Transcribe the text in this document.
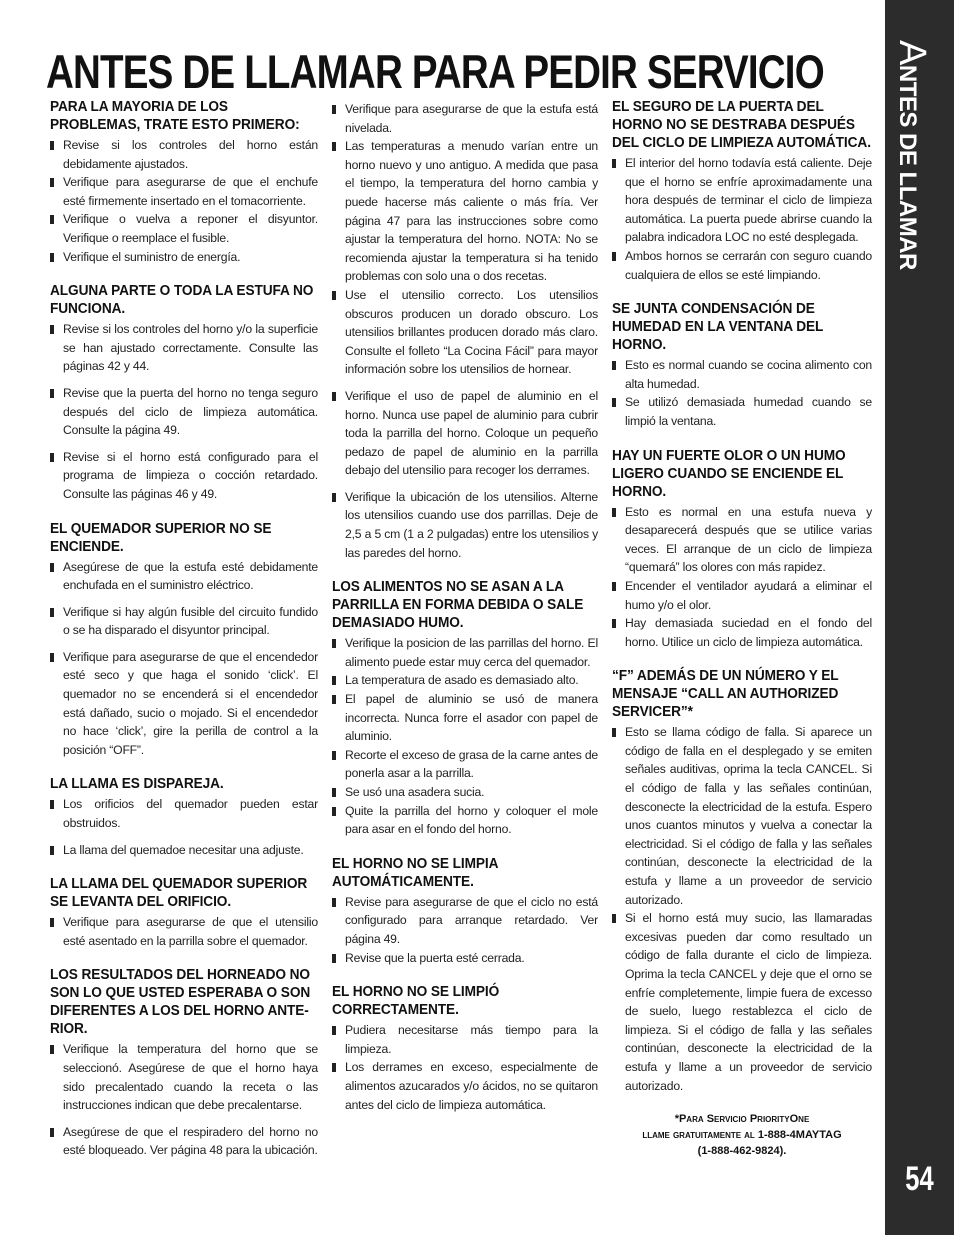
ANTES DE LLAMAR PARA PEDIR SERVICIO
PARA LA MAYORIA DE LOS PROBLEMAS, TRATE ESTO PRIMERO:
Revise si los controles del horno están debidamente ajustados.
Verifique para asegurarse de que el enchufe esté firmemente insertado en el tomacorriente.
Verifique o vuelva a reponer el disyuntor. Verifique o reemplace el fusible.
Verifique el suministro de energía.
ALGUNA PARTE O TODA LA ESTUFA NO FUNCIONA.
Revise si los controles del horno y/o la superficie se han ajustado correctamente. Consulte las páginas 42 y 44.
Revise que la puerta del horno no tenga seguro después del ciclo de limpieza automática. Consulte la página 49.
Revise si el horno está configurado para el programa de limpieza o cocción retardado. Consulte las páginas 46 y 49.
EL QUEMADOR SUPERIOR NO SE ENCIENDE.
Asegúrese de que la estufa esté debidamente enchufada en el suministro eléctrico.
Verifique si hay algún fusible del circuito fundido o se ha disparado el disyuntor principal.
Verifique para asegurarse de que el encendedor esté seco y que haga el sonido ‘click’. El quemador no se encenderá si el encendedor está dañado, sucio o mojado. Si el encendedor no hace ‘click’, gire la perilla de control a la posición “OFF”.
LA LLAMA ES DISPAREJA.
Los orificios del quemador pueden estar obstruidos.
La llama del quemadoe necesitar una adjuste.
LA LLAMA DEL QUEMADOR SUPERIOR SE LEVANTA DEL ORIFICIO.
Verifique para asegurarse de que el utensilio esté asentado en la parrilla sobre el quemador.
LOS RESULTADOS DEL HORNEADO NO SON LO QUE USTED ESPERABA O SON DIFERENTES A LOS DEL HORNO ANTE-RIOR.
Verifique la temperatura del horno que se seleccionó. Asegúrese de que el horno haya sido precalentado cuando la receta o las instrucciones indican que debe precalentarse.
Asegúrese de que el respiradero del horno no esté bloqueado. Ver página 48 para la ubicación.
Verifique para asegurarse de que la estufa está nivelada.
Las temperaturas a menudo varían entre un horno nuevo y uno antiguo. A medida que pasa el tiempo, la temperatura del horno cambia y puede hacerse más caliente o más fría. Ver página 47 para las instrucciones sobre como ajustar la temperatura del horno. NOTA: No se recomienda ajustar la temperatura si ha tenido problemas con solo una o dos recetas.
Use el utensilio correcto. Los utensilios obscuros producen un dorado obscuro. Los utensilios brillantes producen dorado más claro. Consulte el folleto “La Cocina Fácil” para mayor información sobre los utensilios de hornear.
Verifique el uso de papel de aluminio en el horno. Nunca use papel de aluminio para cubrir toda la parrilla del horno. Coloque un pequeño pedazo de papel de aluminio en la parrilla debajo del utensilio para recoger los derrames.
Verifique la ubicación de los utensilios. Alterne los utensilios cuando use dos parrillas. Deje de 2,5 a 5 cm (1 a 2 pulgadas) entre los utensilios y las paredes del horno.
LOS ALIMENTOS NO SE ASAN A LA PARRILLA EN FORMA DEBIDA O SALE DEMASIADO HUMO.
Verifique la posicion de las parrillas del horno. El alimento puede estar muy cerca del quemador.
La temperatura de asado es demasiado alto.
El papel de aluminio se usó de manera incorrecta. Nunca forre el asador con papel de aluminio.
Recorte el exceso de grasa de la carne antes de ponerla asar a la parrilla.
Se usó una asadera sucia.
Quite la parrilla del horno y coloquer el mole para asar en el fondo del horno.
EL HORNO NO SE LIMPIA AUTOMÁTICAMENTE.
Revise para asegurarse de que el ciclo no está configurado para arranque retardado. Ver página 49.
Revise que la puerta esté cerrada.
EL HORNO NO SE LIMPIÓ CORRECTAMENTE.
Pudiera necesitarse más tiempo para la limpieza.
Los derrames en exceso, especialmente de alimentos azucarados y/o ácidos, no se quitaron antes del ciclo de limpieza automática.
EL SEGURO DE LA PUERTA DEL HORNO NO SE DESTRABA DESPUÉS DEL CICLO DE LIMPIEZA AUTOMÁTICA.
El interior del horno todavía está caliente. Deje que el horno se enfríe aproximadamente una hora después de terminar el ciclo de limpieza automática. La puerta puede abrirse cuando la palabra indicadora LOC no esté desplegada.
Ambos hornos se cerrarán con seguro cuando cualquiera de ellos se esté limpiando.
SE JUNTA CONDENSACIÓN DE HUMEDAD EN LA VENTANA DEL HORNO.
Esto es normal cuando se cocina alimento con alta humedad.
Se utilizó demasiada humedad cuando se limpió la ventana.
HAY UN FUERTE OLOR O UN HUMO LIGERO CUANDO SE ENCIENDE EL HORNO.
Esto es normal en una estufa nueva y desaparecerá después que se utilice varias veces. El arranque de un ciclo de limpieza “quemará” los olores con más rapidez.
Encender el ventilador ayudará a eliminar el humo y/o el olor.
Hay demasiada suciedad en el fondo del horno. Utilice un ciclo de limpieza automática.
“F” ADEMÁS DE UN NÚMERO Y EL MENSAJE “CALL AN AUTHORIZED SERVICER”*
Esto se llama código de falla. Si aparece un código de falla en el desplegado y se emiten señales auditivas, oprima la tecla CANCEL. Si el código de falla y las señales continúan, desconecte la electricidad de la estufa. Espero unos cuantos minutos y vuelva a conectar la electricidad. Si el código de falla y las señales continúan, desconecte la electricidad de la estufa y llame a un proveedor de servicio autorizado.
Si el horno está muy sucio, las llamaradas excesivas pueden dar como resultado un código de falla durante el ciclo de limpieza. Oprima la tecla CANCEL y deje que el orno se enfríe completemente, limpie fuera de excesso de suelo, luego restablezca el ciclo de limpieza. Si el código de falla y las señales continúan, desconecte la electricidad de la estufa y llame a un proveedor de servicio autorizado.
*Para Servicio PriorityOne
llame gratuitamente al 1-888-4MAYTAG
(1-888-462-9824).
ANTES DE LLAMAR
54
